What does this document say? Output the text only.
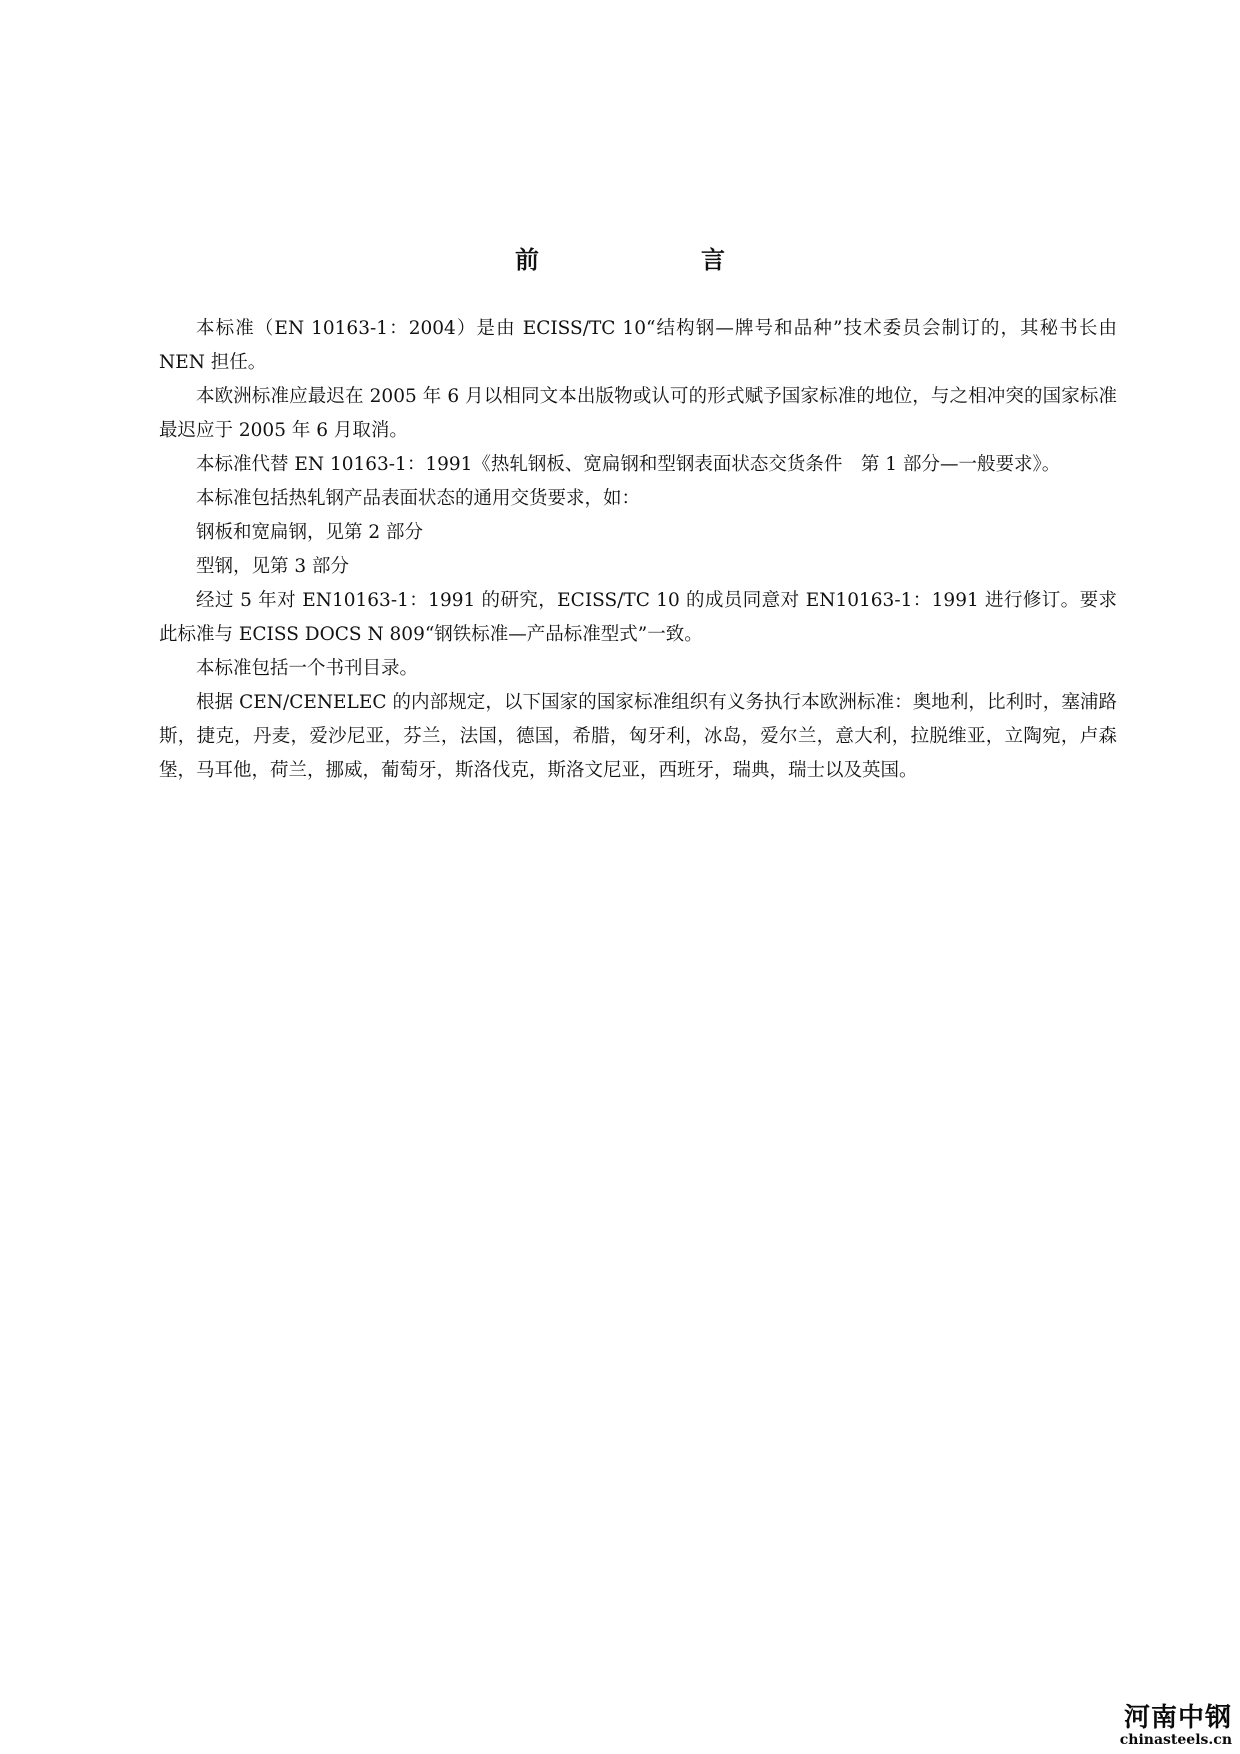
前 言

本标准（EN 10163-1：2004）是由 ECISS/TC 10“结构钢—牌号和品种”技术委员会制订的，其秘书长由 NEN 担任。

本欧洲标准应最迟在 2005 年 6 月以相同文本出版物或认可的形式赋予国家标准的地位，与之相冲突的国家标准最迟应于 2005 年 6 月取消。

本标准代替 EN 10163-1：1991《热轧钢板、宽扁钢和型钢表面状态交货条件　第 1 部分—一般要求》。

本标准包括热轧钢产品表面状态的通用交货要求，如：

钢板和宽扁钢，见第 2 部分

型钢，见第 3 部分

经过 5 年对 EN10163-1：1991 的研究，ECISS/TC 10 的成员同意对 EN10163-1：1991 进行修订。要求此标准与 ECISS DOCS N 809“钢铁标准—产品标准型式”一致。

本标准包括一个书刊目录。

根据 CEN/CENELEC 的内部规定，以下国家的国家标准组织有义务执行本欧洲标准：奥地利，比利时，塞浦路斯，捷克，丹麦，爱沙尼亚，芬兰，法国，德国，希腊，匈牙利，冰岛，爱尔兰，意大利，拉脱维亚，立陶宛，卢森堡，马耳他，荷兰，挪威，葡萄牙，斯洛伐克，斯洛文尼亚，西班牙，瑞典，瑞士以及英国。

河南中钢
chinasteels.cn
